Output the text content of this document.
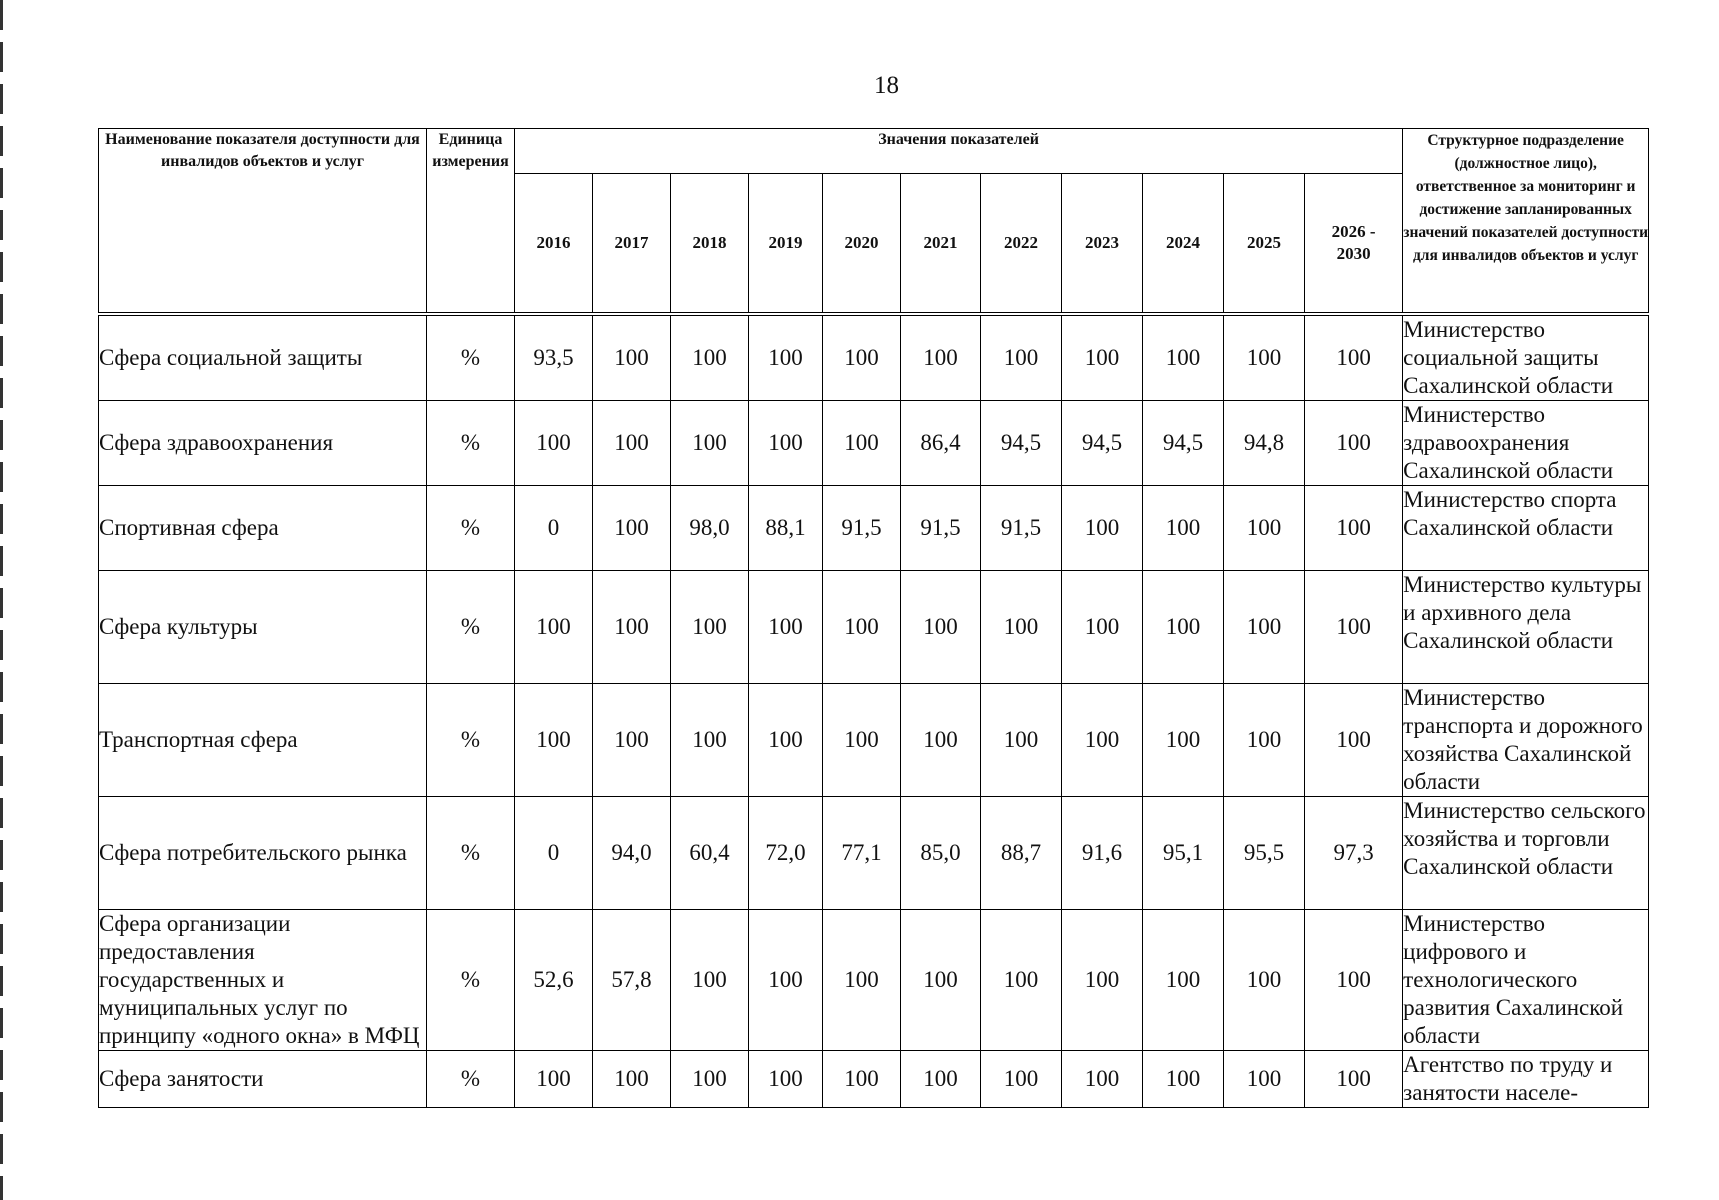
18
Наименование показателя доступности для инвалидов объектов и услуг	Единица измерения	Значения показателей											Структурное подразделение (должностное лицо), ответственное за мониторинг и достижение запланированных значений показателей доступности для инвалидов объектов и услуг
		2016	2017	2018	2019	2020	2021	2022	2023	2024	2025	2026 - 2030	
Сфера социальной защиты	%	93,5	100	100	100	100	100	100	100	100	100	100	Министерство социальной защиты Сахалинской области
Сфера здравоохранения	%	100	100	100	100	100	86,4	94,5	94,5	94,5	94,8	100	Министерство здравоохранения Сахалинской области
Спортивная сфера	%	0	100	98,0	88,1	91,5	91,5	91,5	100	100	100	100	Министерство спорта Сахалинской области
Сфера культуры	%	100	100	100	100	100	100	100	100	100	100	100	Министерство культуры и архивного дела Сахалинской области
Транспортная сфера	%	100	100	100	100	100	100	100	100	100	100	100	Министерство транспорта и дорожного хозяйства Сахалинской области
Сфера потребительского рынка	%	0	94,0	60,4	72,0	77,1	85,0	88,7	91,6	95,1	95,5	97,3	Министерство сельского хозяйства и торговли Сахалинской области
Сфера организации предоставления государственных и муниципальных услуг по принципу «одного окна» в МФЦ	%	52,6	57,8	100	100	100	100	100	100	100	100	100	Министерство цифрового и технологического развития Сахалинской области
Сфера занятости	%	100	100	100	100	100	100	100	100	100	100	100	Агентство по труду и занятости населе-
